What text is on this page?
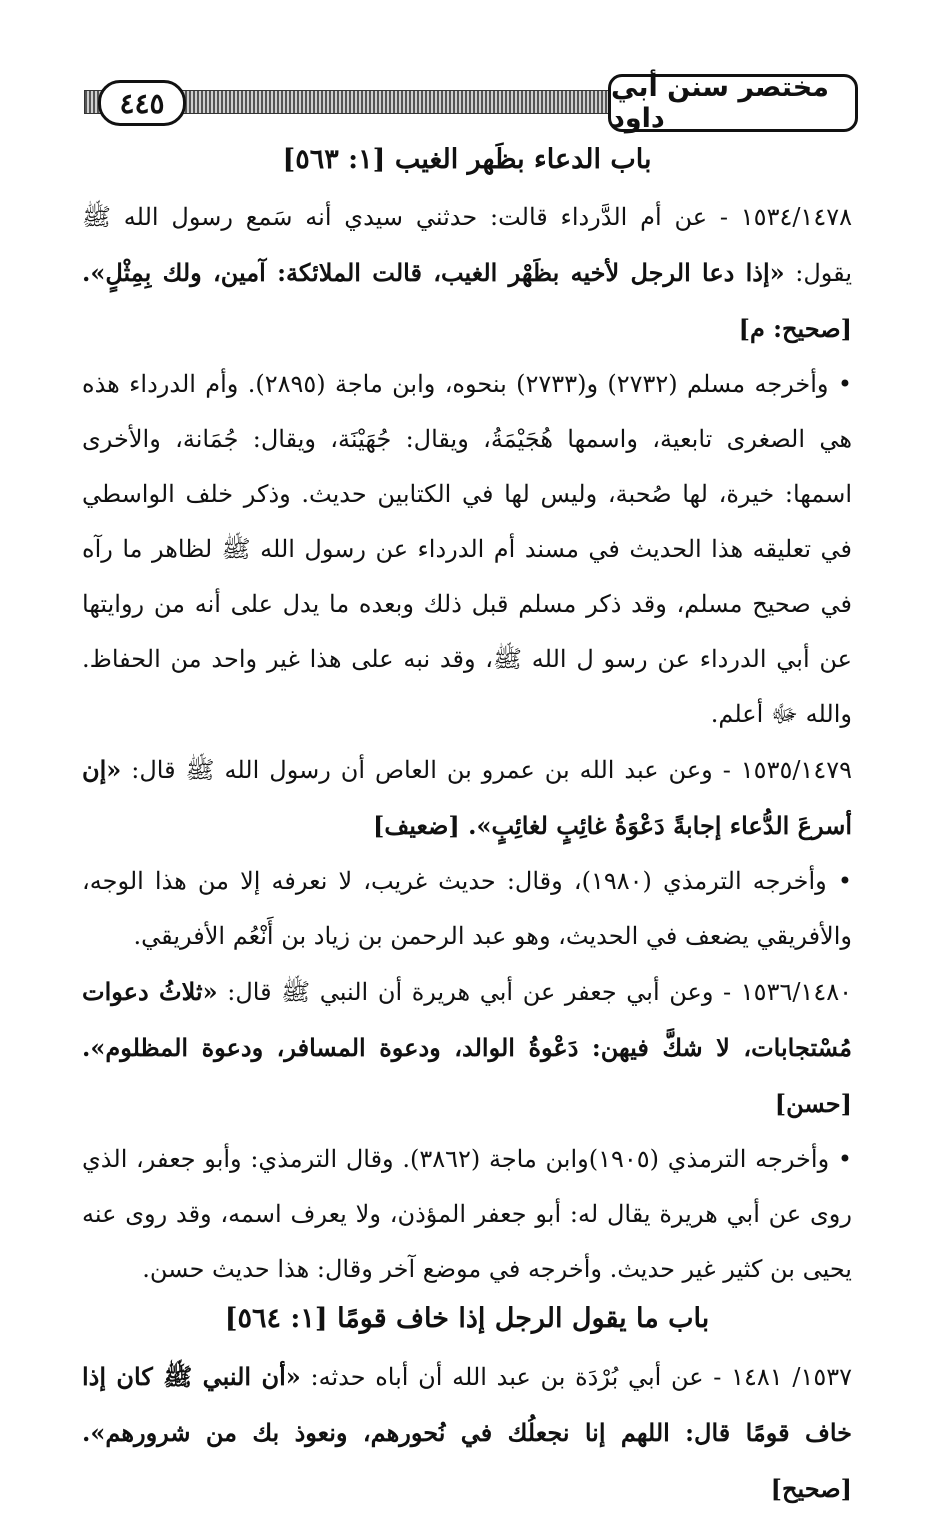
٤٤٥	مختصر سنن أبي داود
باب الدعاء بظَهر الغيب [١: ٥٦٣]

١٥٣٤/١٤٧٨ - عن أم الدَّرداء قالت: حدثني سيدي أنه سَمع رسول الله ﷺ يقول: «إذا دعا الرجل لأخيه بظَهْر الغيب، قالت الملائكة: آمين، ولك بِمِثْلٍ». [صحيح: م]

• وأخرجه مسلم (٢٧٣٢) و(٢٧٣٣) بنحوه، وابن ماجة (٢٨٩٥). وأم الدرداء هذه هي الصغرى تابعية، واسمها هُجَيْمَةُ، ويقال: جُهَيْنَة، ويقال: جُمَانة، والأخرى اسمها: خيرة، لها صُحبة، وليس لها في الكتابين حديث. وذكر خلف الواسطي في تعليقه هذا الحديث في مسند أم الدرداء عن رسول الله ﷺ لظاهر ما رآه في صحيح مسلم، وقد ذكر مسلم قبل ذلك وبعده ما يدل على أنه من روايتها عن أبي الدرداء عن رسو ل الله ﷺ، وقد نبه على هذا غير واحد من الحفاظ. والله ﷻ أعلم.

١٥٣٥/١٤٧٩ - وعن عبد الله بن عمرو بن العاص أن رسول الله ﷺ قال: «إن أسرعَ الدُّعاء إجابةً دَعْوَةُ غائِبٍ لغائِبٍ». [ضعيف]

• وأخرجه الترمذي (١٩٨٠)، وقال: حديث غريب، لا نعرفه إلا من هذا الوجه، والأفريقي يضعف في الحديث، وهو عبد الرحمن بن زياد بن أَنْعُم الأفريقي.

١٥٣٦/١٤٨٠ - وعن أبي جعفر عن أبي هريرة أن النبي ﷺ قال: «ثلاثُ دعوات مُسْتجابات، لا شكَّ فيهن: دَعْوةُ الوالد، ودعوة المسافر، ودعوة المظلوم». [حسن]

• وأخرجه الترمذي (١٩٠٥)وابن ماجة (٣٨٦٢). وقال الترمذي: وأبو جعفر، الذي روى عن أبي هريرة يقال له: أبو جعفر المؤذن، ولا يعرف اسمه، وقد روى عنه يحيى بن كثير غير حديث. وأخرجه في موضع آخر وقال: هذا حديث حسن.

باب ما يقول الرجل إذا خاف قومًا [١: ٥٦٤]

١٥٣٧/ ١٤٨١ - عن أبي بُرْدَة بن عبد الله أن أباه حدثه: «أن النبي ﷺ كان إذا خاف قومًا قال: اللهم إنا نجعلُك في نُحورهم، ونعوذ بك من شرورهم». [صحيح]
